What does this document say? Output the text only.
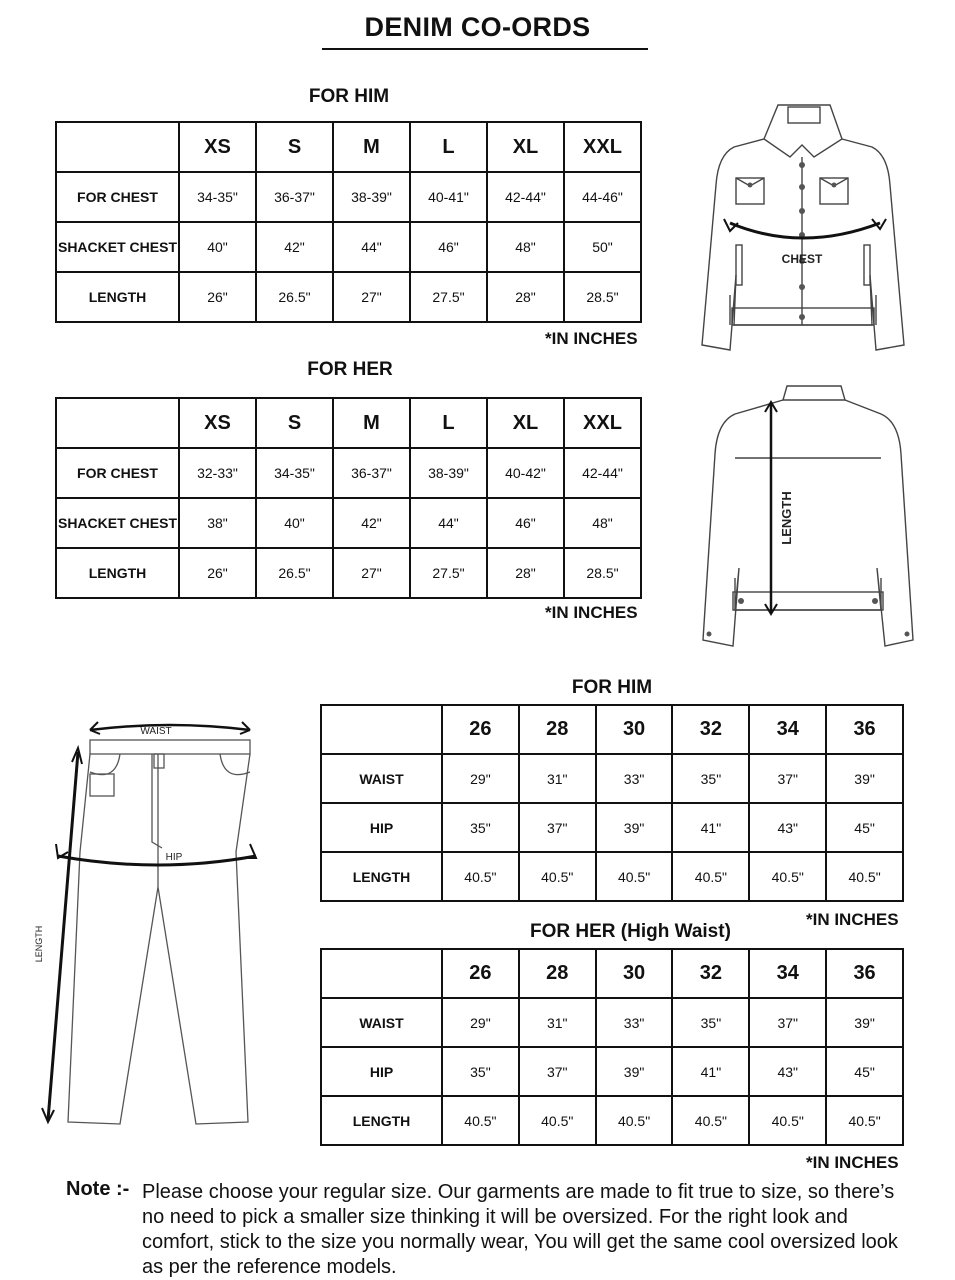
DENIM CO-ORDS
FOR HIM
	XS	S	M	L	XL	XXL
FOR CHEST	34-35"	36-37"	38-39"	40-41"	42-44"	44-46"
SHACKET CHEST	40"	42"	44"	46"	48"	50"
LENGTH	26"	26.5"	27"	27.5"	28"	28.5"
*IN INCHES
FOR HER
	XS	S	M	L	XL	XXL
FOR CHEST	32-33"	34-35"	36-37"	38-39"	40-42"	42-44"
SHACKET CHEST	38"	40"	42"	44"	46"	48"
LENGTH	26"	26.5"	27"	27.5"	28"	28.5"
*IN INCHES
CHEST
LENGTH
WAIST
HIP
LENGTH
FOR HIM
	26	28	30	32	34	36
WAIST	29"	31"	33"	35"	37"	39"
HIP	35"	37"	39"	41"	43"	45"
LENGTH	40.5"	40.5"	40.5"	40.5"	40.5"	40.5"
*IN INCHES
FOR HER (High Waist)
	26	28	30	32	34	36
WAIST	29"	31"	33"	35"	37"	39"
HIP	35"	37"	39"	41"	43"	45"
LENGTH	40.5"	40.5"	40.5"	40.5"	40.5"	40.5"
*IN INCHES
Note :- Please choose your regular size. Our garments are made to fit true to size, so there’s no need to pick a smaller size thinking it will be oversized. For the right look and comfort, stick to the size you normally wear, You will get the same cool oversized look as per the reference models.
